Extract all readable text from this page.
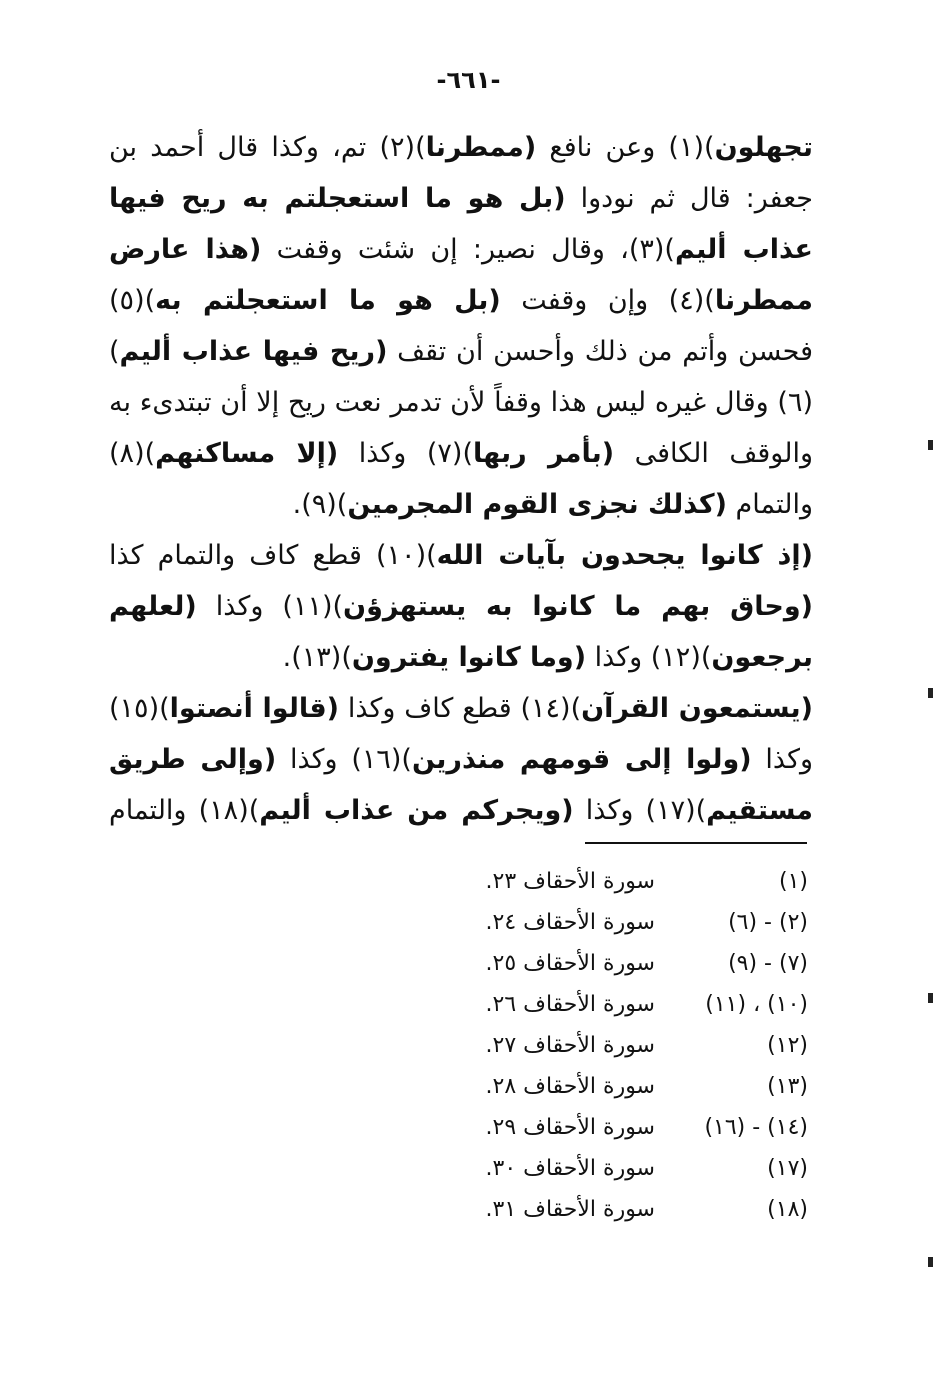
-٦٦١-

تجهلون)(١) وعن نافع (ممطرنا)(٢) تم، وكذا قال أحمد بن جعفر: قال ثم نودوا (بل هو ما استعجلتم به ريح فيها عذاب أليم)(٣)، وقال نصير: إن شئت وقفت (هذا عارض ممطرنا)(٤) وإن وقفت (بل هو ما استعجلتم به)(٥) فحسن وأتم من ذلك وأحسن أن تقف (ريح فيها عذاب أليم)(٦) وقال غيره ليس هذا وقفاً لأن تدمر نعت ريح إلا أن تبتدىء به والوقف الكافى (بأمر ربها)(٧) وكذا (إلا مساكنهم)(٨) والتمام (كذلك نجزى القوم المجرمين)(٩).

(إذ كانوا يجحدون بآيات الله)(١٠) قطع كاف والتمام كذا (وحاق بهم ما كانوا به يستهزؤن)(١١) وكذا (لعلهم برجعون)(١٢) وكذا (وما كانوا يفترون)(١٣).

(يستمعون القرآن)(١٤) قطع كاف وكذا (قالوا أنصتوا)(١٥) وكذا (ولوا إلى قومهم منذرين)(١٦) وكذا (وإلى طريق مستقيم)(١٧) وكذا (ويجركم من عذاب أليم)(١٨) والتمام

(١)
سورة الأحقاف ٢٣.
(٢) - (٦)
سورة الأحقاف ٢٤.
(٧) - (٩)
سورة الأحقاف ٢٥.
(١٠) ، (١١)
سورة الأحقاف ٢٦.
(١٢)
سورة الأحقاف ٢٧.
(١٣)
سورة الأحقاف ٢٨.
(١٤) - (١٦)
سورة الأحقاف ٢٩.
(١٧)
سورة الأحقاف ٣٠.
(١٨)
سورة الأحقاف ٣١.
